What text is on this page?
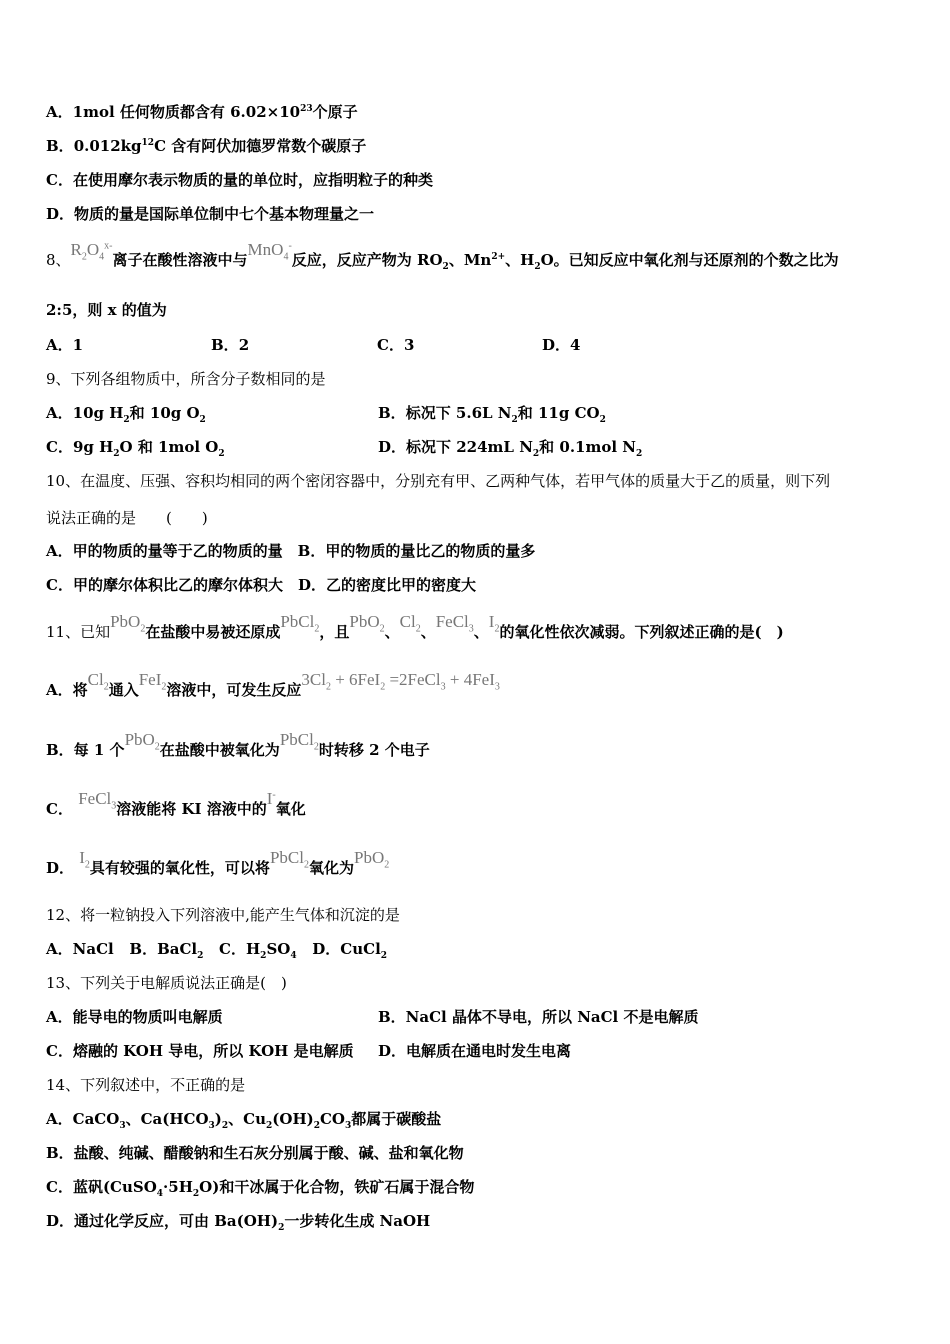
A．1mol 任何物质都含有 $6.02\times 10^{23}$个原子
B．$0.012kg^{12}C$ 含有阿伏加德罗常数个碳原子
C．在使用摩尔表示物质的量的单位时，应指明粒子的种类
D．物质的量是国际单位制中七个基本物理量之一
8、$R_2O_4^{x-}$离子在酸性溶液中与MnO$_4$-反应，反应产物为 $RO_2$、$Mn^{2+}$、$H_2O$。已知反应中氧化剂与还原剂的个数之比为
2:5，则 x 的值为
A．1	B．2	C．3	D．4
9、下列各组物质中，所含分子数相同的是
A．10g $H_2$和 10g $O_2$	B．标况下 5.6L $N_2$和 11g $CO_2$
C．9g $H_2O$ 和 1mol $O_2$	D．标况下 224mL $N_2$和 0.1mol $N_2$
10、在温度、压强、容积均相同的两个密闭容器中，分别充有甲、乙两种气体，若甲气体的质量大于乙的质量，则下列
说法正确的是　　(　　)
A．甲的物质的量等于乙的物质的量　B．甲的物质的量比乙的物质的量多
C．甲的摩尔体积比乙的摩尔体积大　D．乙的密度比甲的密度大
11、已知PbO$_2$在盐酸中易被还原成PbCl$_2$，且PbO$_2$、$Cl_2$、FeCl$_3$、$I_2$的氧化性依次减弱。下列叙述正确的是(　)
A．将$Cl_2$通入FeI$_2$溶液中，可发生反应$3Cl_2 + 6FeI_2$ =2FeCl$_3$ + 4FeI$_3$
B．每 1 个PbO$_2$在盐酸中被氧化为PbCl$_2$时转移 2 个电子
C． FeCl$_3$溶液能将 KI 溶液中的I-氧化
D． $I_2$具有较强的氧化性，可以将PbCl$_2$氧化为PbO$_2$
12、将一粒钠投入下列溶液中,能产生气体和沉淀的是
A．NaCl B．BaCl$_2$ C．$H_2SO_4$ D．CuCl$_2$
13、下列关于电解质说法正确是(　)
A．能导电的物质叫电解质	B．NaCl 晶体不导电，所以 NaCl 不是电解质
C．熔融的 KOH 导电，所以 KOH 是电解质 D．电解质在通电时发生电离
14、下列叙述中，不正确的是
A．CaCO$_3$、$Ca(HCO_3)_2$、$Cu_2(OH)_2CO_3$都属于碳酸盐
B．盐酸、纯碱、醋酸钠和生石灰分别属于酸、碱、盐和氧化物
C．蓝矾$(CuSO_4\cdot 5H_2O)$和干冰属于化合物，铁矿石属于混合物
D．通过化学反应，可由 $Ba(OH)_2$一步转化生成 NaOH
